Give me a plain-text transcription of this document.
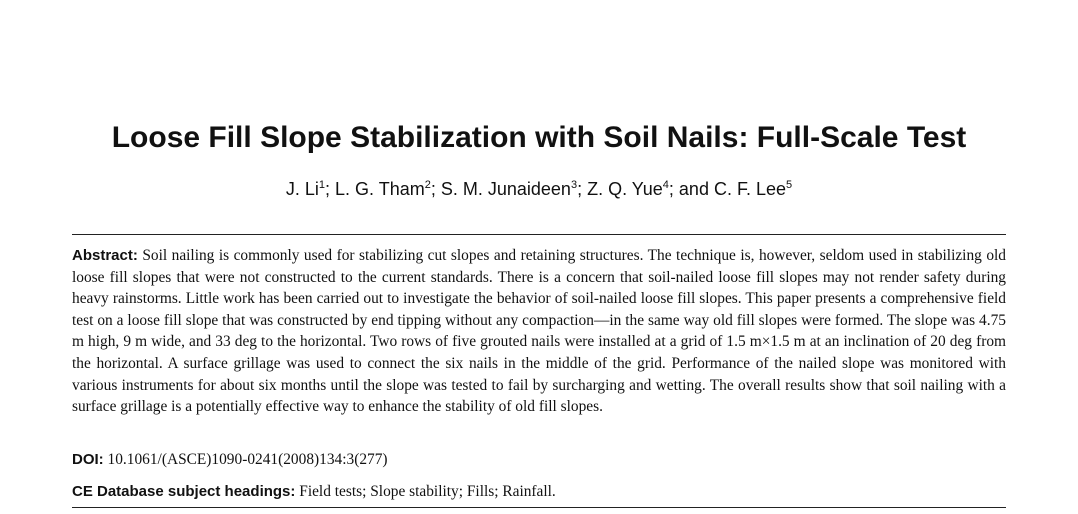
Loose Fill Slope Stabilization with Soil Nails: Full-Scale Test
J. Li$^1$; L. G. Tham$^2$; S. M. Junaideen$^3$; Z. Q. Yue$^4$; and C. F. Lee$^5$

Abstract: Soil nailing is commonly used for stabilizing cut slopes and retaining structures. The technique is, however, seldom used in stabilizing old loose fill slopes that were not constructed to the current standards. There is a concern that soil-nailed loose fill slopes may not render safety during heavy rainstorms. Little work has been carried out to investigate the behavior of soil-nailed loose fill slopes. This paper presents a comprehensive field test on a loose fill slope that was constructed by end tipping without any compaction—in the same way old fill slopes were formed. The slope was 4.75 m high, 9 m wide, and 33 deg to the horizontal. Two rows of five grouted nails were installed at a grid of 1.5 m×1.5 m at an inclination of 20 deg from the horizontal. A surface grillage was used to connect the six nails in the middle of the grid. Performance of the nailed slope was monitored with various instruments for about six months until the slope was tested to fail by surcharging and wetting. The overall results show that soil nailing with a surface grillage is a potentially effective way to enhance the stability of old fill slopes.

DOI: 10.1061/(ASCE)1090-0241(2008)134:3(277)
CE Database subject headings: Field tests; Slope stability; Fills; Rainfall.
